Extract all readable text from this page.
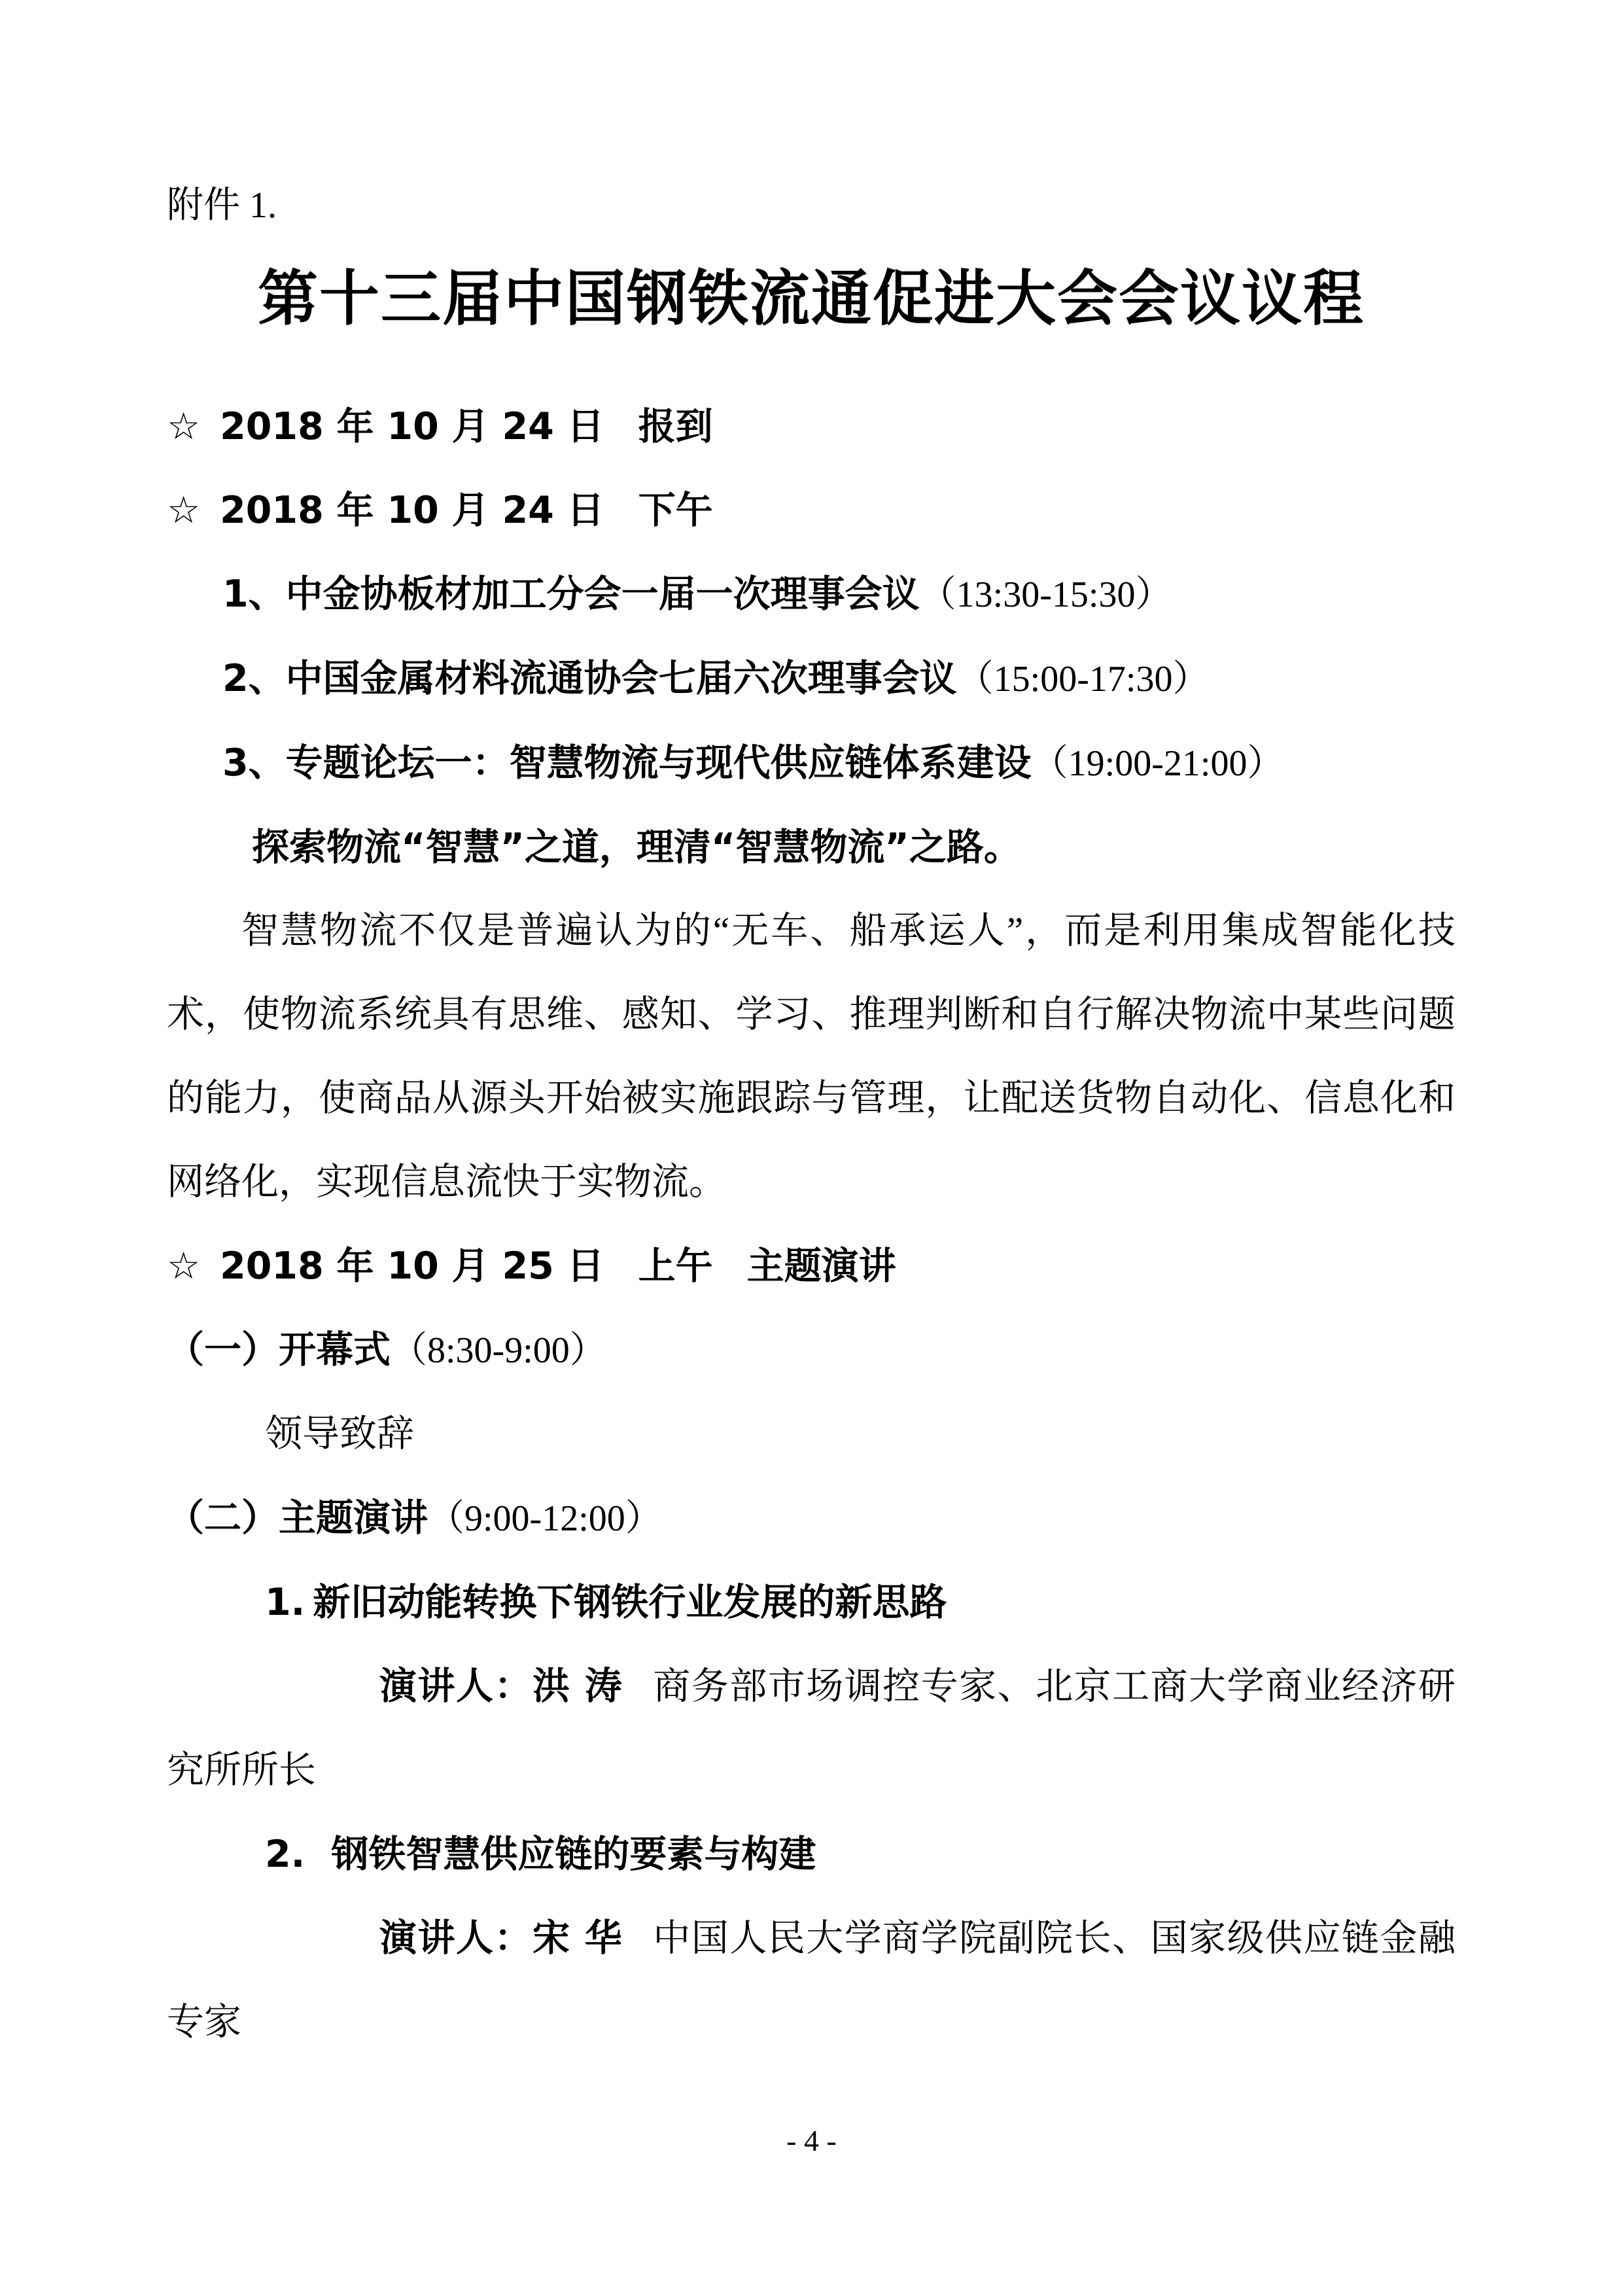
附件 1.
第十三届中国钢铁流通促进大会会议议程
☆ 2018 年 10 月 24 日 报到
☆ 2018 年 10 月 24 日 下午
1、中金协板材加工分会一届一次理事会议（13:30-15:30）
2、中国金属材料流通协会七届六次理事会议（15:00-17:30）
3、专题论坛一：智慧物流与现代供应链体系建设（19:00-21:00）
探索物流“智慧”之道，理清“智慧物流”之路。

智慧物流不仅是普遍认为的“无车、船承运人”，而是利用集成智能化技术，使物流系统具有思维、感知、学习、推理判断和自行解决物流中某些问题的能力，使商品从源头开始被实施跟踪与管理，让配送货物自动化、信息化和网络化，实现信息流快于实物流。

☆ 2018 年 10 月 25 日 上午 主题演讲
（一）开幕式（8:30-9:00）
领导致辞
（二）主题演讲（9:00-12:00）
1. 新旧动能转换下钢铁行业发展的新思路

演讲人：洪 涛 商务部市场调控专家、北京工商大学商业经济研究所所长

2. 钢铁智慧供应链的要素与构建

演讲人：宋 华 中国人民大学商学院副院长、国家级供应链金融专家

- 4 -
